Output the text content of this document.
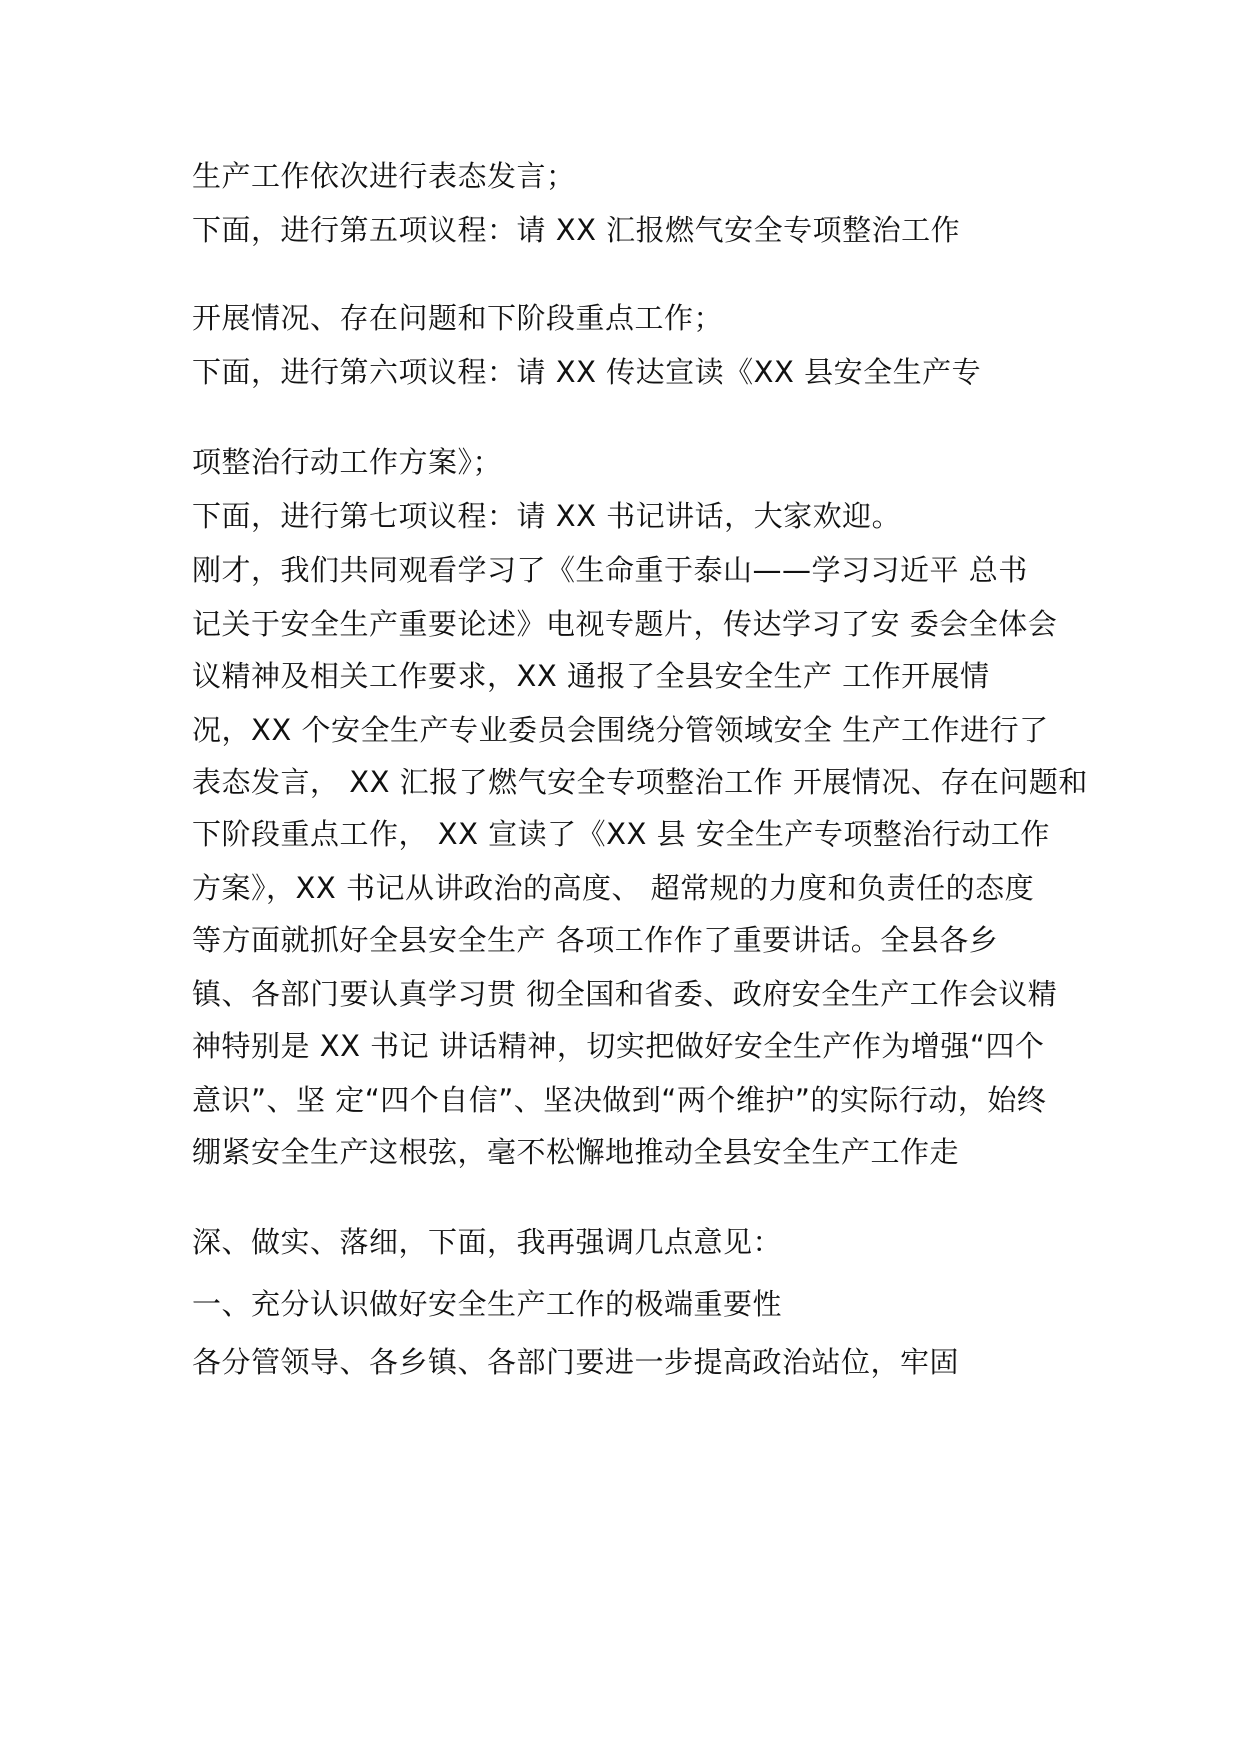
生产工作依次进行表态发言；
下面，进行第五项议程：请 XX 汇报燃气安全专项整治工作
开展情况、存在问题和下阶段重点工作；
下面，进行第六项议程：请 XX 传达宣读《XX 县安全生产专
项整治行动工作方案》；
下面，进行第七项议程：请 XX 书记讲话，大家欢迎。
刚才，我们共同观看学习了《生命重于泰山——学习习近平 总书
记关于安全生产重要论述》电视专题片，传达学习了安 委会全体会
议精神及相关工作要求，XX 通报了全县安全生产 工作开展情
况，XX 个安全生产专业委员会围绕分管领域安全 生产工作进行了
表态发言， XX 汇报了燃气安全专项整治工作 开展情况、存在问题和
下阶段重点工作， XX 宣读了《XX 县 安全生产专项整治行动工作
方案》，XX 书记从讲政治的高度、 超常规的力度和负责任的态度
等方面就抓好全县安全生产 各项工作作了重要讲话。全县各乡
镇、各部门要认真学习贯 彻全国和省委、政府安全生产工作会议精
神特别是 XX 书记 讲话精神，切实把做好安全生产作为增强“四个
意识”、坚 定“四个自信”、坚决做到“两个维护”的实际行动，始终
绷紧安全生产这根弦，毫不松懈地推动全县安全生产工作走
深、做实、落细，下面，我再强调几点意见：
一、充分认识做好安全生产工作的极端重要性
各分管领导、各乡镇、各部门要进一步提高政治站位，牢固
